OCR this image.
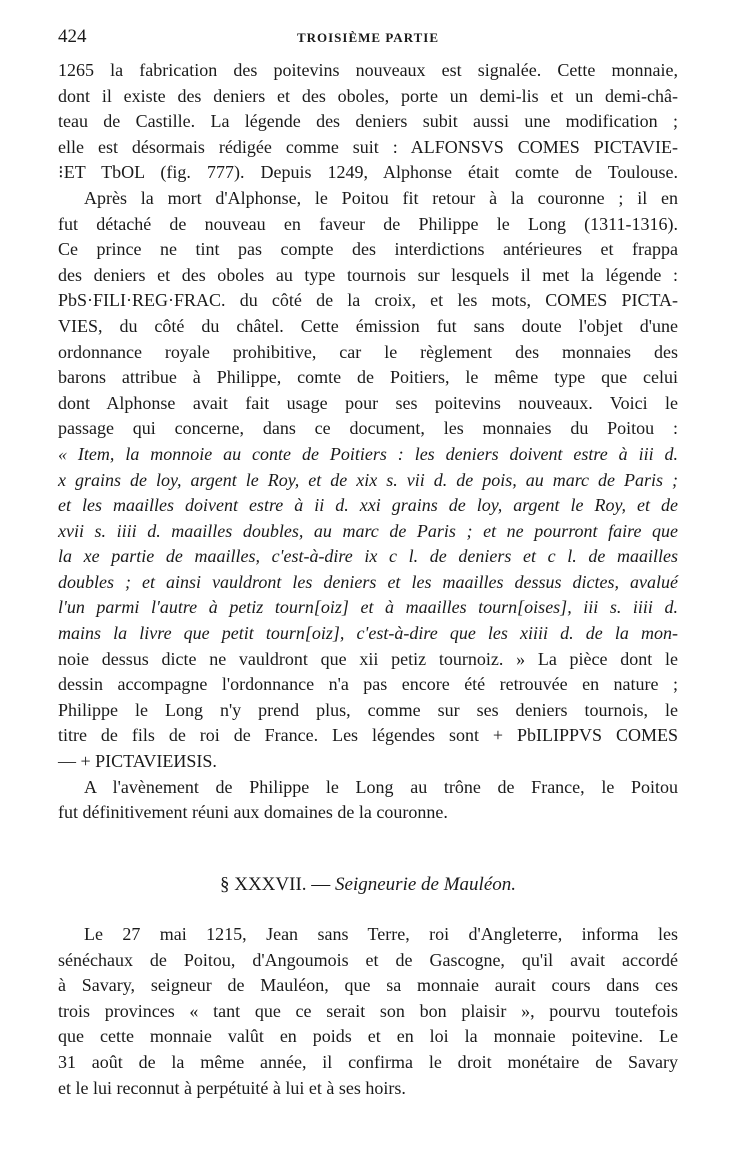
424	TROISIÈME PARTIE
1265 la fabrication des poitevins nouveaux est signalée. Cette monnaie,
dont il existe des deniers et des oboles, porte un demi-lis et un demi-châ-
teau de Castille. La légende des deniers subit aussi une modification ;
elle est désormais rédigée comme suit : ALFONSVS COMES PICTAVIE-
⁝ET TbOL (fig. 777). Depuis 1249, Alphonse était comte de Toulouse.
Après la mort d'Alphonse, le Poitou fit retour à la couronne ; il en
fut détaché de nouveau en faveur de Philippe le Long (1311-1316).
Ce prince ne tint pas compte des interdictions antérieures et frappa
des deniers et des oboles au type tournois sur lesquels il met la légende :
PbS·FILI·REG·FRAC. du côté de la croix, et les mots, COMES PICTA-
VIES, du côté du châtel. Cette émission fut sans doute l'objet d'une
ordonnance royale prohibitive, car le règlement des monnaies des
barons attribue à Philippe, comte de Poitiers, le même type que celui
dont Alphonse avait fait usage pour ses poitevins nouveaux. Voici le
passage qui concerne, dans ce document, les monnaies du Poitou :
« Item, la monnoie au conte de Poitiers : les deniers doivent estre à iii d.
x grains de loy, argent le Roy, et de xix s. vii d. de pois, au marc de Paris ;
et les maailles doivent estre à ii d. xxi grains de loy, argent le Roy, et de
xvii s. iiii d. maailles doubles, au marc de Paris ; et ne pourront faire que
la xe partie de maailles, c'est-à-dire ix c l. de deniers et c l. de maailles
doubles ; et ainsi vauldront les deniers et les maailles dessus dictes, avalué
l'un parmi l'autre à petiz tourn[oiz] et à maailles tourn[oises], iii s. iiii d.
mains la livre que petit tourn[oiz], c'est-à-dire que les xiiii d. de la mon-
noie dessus dicte ne vauldront que xii petiz tournoiz. » La pièce dont le
dessin accompagne l'ordonnance n'a pas encore été retrouvée en nature ;
Philippe le Long n'y prend plus, comme sur ses deniers tournois, le
titre de fils de roi de France. Les légendes sont + PbILIPPVS COMES
— + PICTAVIEИSIS.
A l'avènement de Philippe le Long au trône de France, le Poitou
fut définitivement réuni aux domaines de la couronne.
§ XXXVII. — Seigneurie de Mauléon.
Le 27 mai 1215, Jean sans Terre, roi d'Angleterre, informa les
sénéchaux de Poitou, d'Angoumois et de Gascogne, qu'il avait accordé
à Savary, seigneur de Mauléon, que sa monnaie aurait cours dans ces
trois provinces « tant que ce serait son bon plaisir », pourvu toutefois
que cette monnaie valût en poids et en loi la monnaie poitevine. Le
31 août de la même année, il confirma le droit monétaire de Savary
et le lui reconnut à perpétuité à lui et à ses hoirs.
